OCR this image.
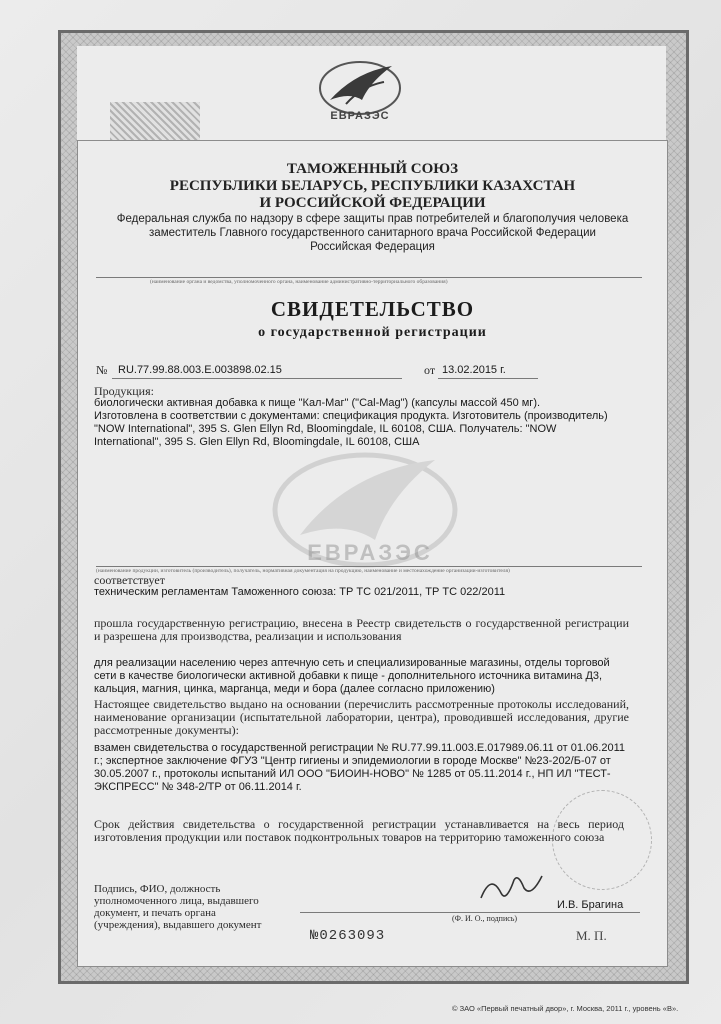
ЕВРАЗЭС
ТАМОЖЕННЫЙ СОЮЗ
РЕСПУБЛИКИ БЕЛАРУСЬ, РЕСПУБЛИКИ КАЗАХСТАН
И РОССИЙСКОЙ ФЕДЕРАЦИИ
Федеральная служба по надзору в сфере защиты прав потребителей и благополучия человека
заместитель Главного государственного санитарного врача Российской Федерации
Российская Федерация
(наименование органа и ведомства, уполномоченного органа, наименование административно-территориального образования)
СВИДЕТЕЛЬСТВО
о государственной регистрации
№ RU.77.99.88.003.E.003898.02.15	от 13.02.2015 г.
Продукция:
биологически активная добавка к пище "Кал-Маг" ("Cal-Mag") (капсулы массой 450 мг).
Изготовлена в соответствии с документами: спецификация продукта. Изготовитель (производитель)
"NOW International", 395 S. Glen Ellyn Rd, Bloomingdale, IL 60108, США. Получатель: "NOW
International", 395 S. Glen Ellyn Rd, Bloomingdale, IL 60108, США
(наименование продукции, изготовитель (производитель), получатель, нормативная документация на продукцию, наименование и местонахождение организации-изготовителя)
ЕВРАЗЭС
соответствует
техническим регламентам Таможенного союза: ТР ТС 021/2011, ТР ТС 022/2011
прошла государственную регистрацию, внесена в Реестр свидетельств о государственной регистрации и разрешена для производства, реализации и использования
для реализации населению через аптечную сеть и специализированные магазины, отделы торговой сети в качестве биологически активной добавки к пище - дополнительного источника витамина Д3, кальция, магния, цинка, марганца, меди и бора (далее согласно приложению)
Настоящее свидетельство выдано на основании (перечислить рассмотренные протоколы исследований, наименование организации (испытательной лаборатории, центра), проводившей исследования, другие рассмотренные документы):
взамен свидетельства о государственной регистрации № RU.77.99.11.003.E.017989.06.11 от 01.06.2011 г.; экспертное заключение ФГУЗ "Центр гигиены и эпидемиологии в городе Москве" №23-202/Б-07 от 30.05.2007 г., протоколы испытаний ИЛ ООО "БИОИН-НОВО" № 1285 от 05.11.2014 г., НП ИЛ "ТЕСТ-ЭКСПРЕСС" № 348-2/ТР от 06.11.2014 г.
Срок действия свидетельства о государственной регистрации устанавливается на весь период изготовления продукции или поставок подконтрольных товаров на территорию таможенного союза
Подпись, ФИО, должность уполномоченного лица, выдавшего документ, и печать органа (учреждения), выдавшего документ
И.В. Брагина
(Ф. И. О., подпись)
№0263093	М. П.
© ЗАО «Первый печатный двор», г. Москва, 2011 г., уровень «В».
